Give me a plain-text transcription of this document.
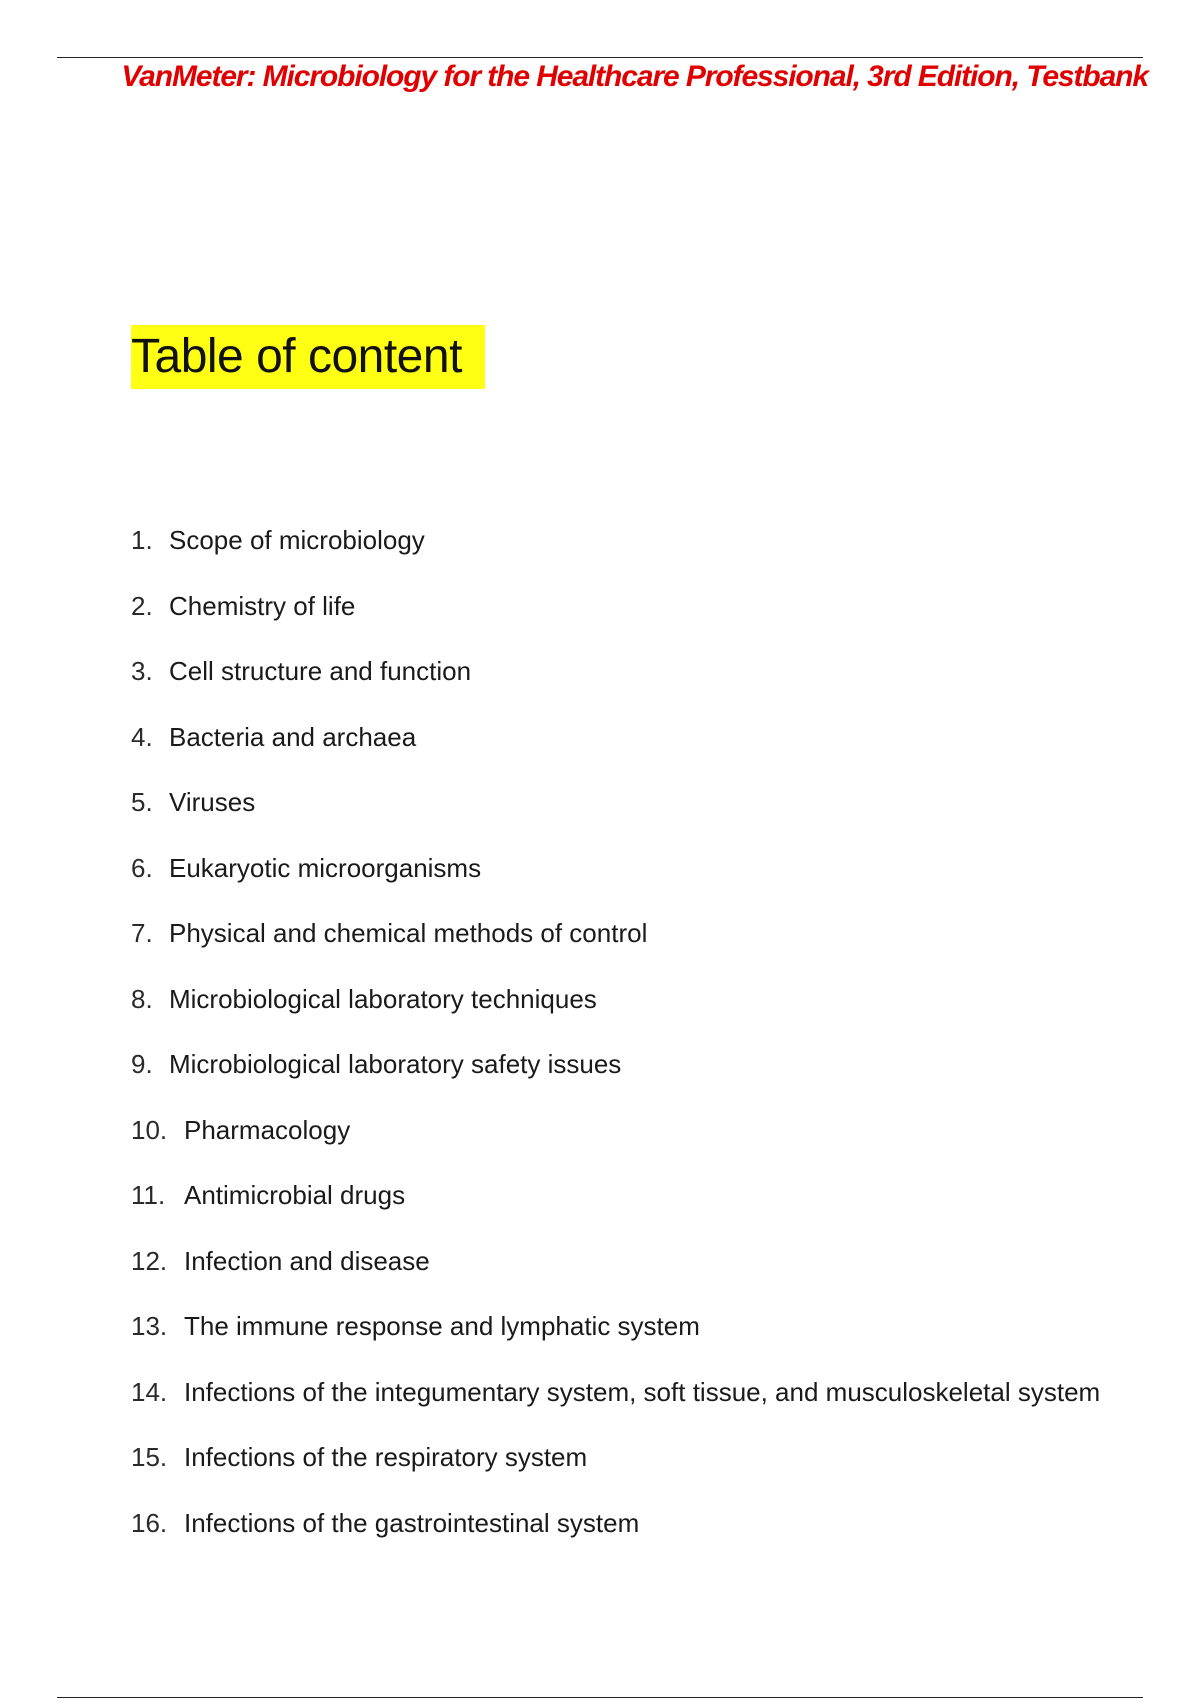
VanMeter: Microbiology for the Healthcare Professional, 3rd Edition, Testbank
Table of content
1. Scope of microbiology
2. Chemistry of life
3. Cell structure and function
4. Bacteria and archaea
5. Viruses
6. Eukaryotic microorganisms
7. Physical and chemical methods of control
8. Microbiological laboratory techniques
9. Microbiological laboratory safety issues
10. Pharmacology
11. Antimicrobial drugs
12. Infection and disease
13. The immune response and lymphatic system
14. Infections of the integumentary system, soft tissue, and musculoskeletal system
15. Infections of the respiratory system
16. Infections of the gastrointestinal system
